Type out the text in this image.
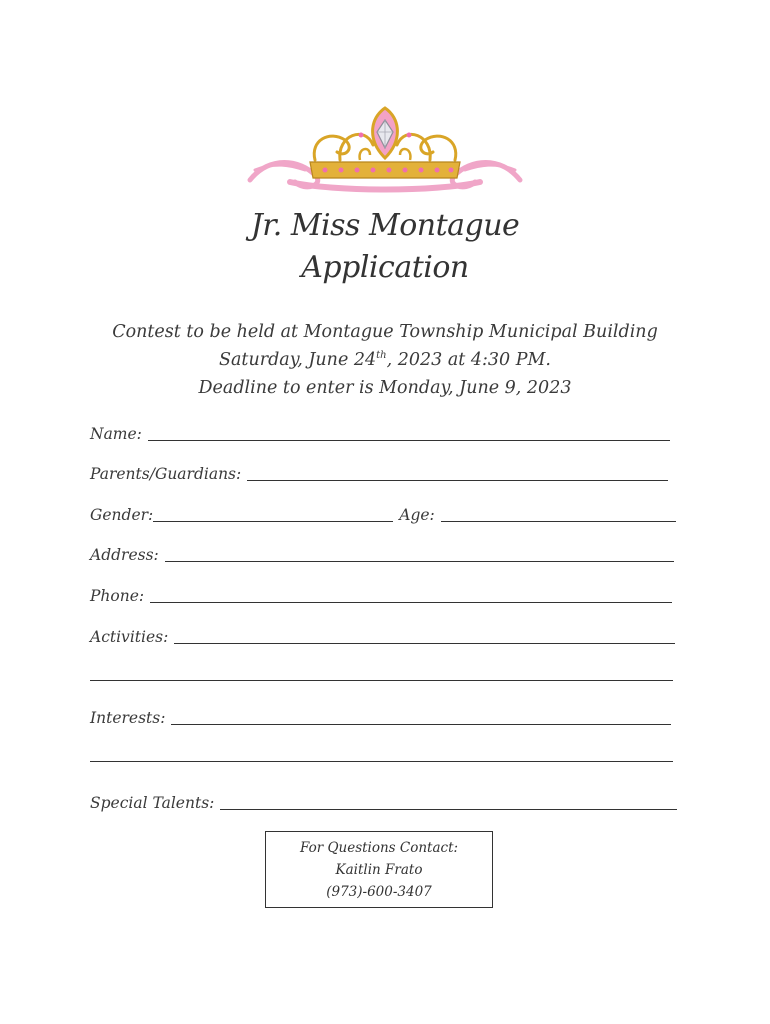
Jr. Miss Montague
Application
Contest to be held at Montague Township Municipal Building
Saturday, June 24th, 2023 at 4:30 PM.
Deadline to enter is Monday, June 9, 2023
Name:
Parents/Guardians:
Gender:	Age:
Address:
Phone:
Activities:
Interests:
Special Talents:
For Questions Contact:
Kaitlin Frato
(973)-600-3407
